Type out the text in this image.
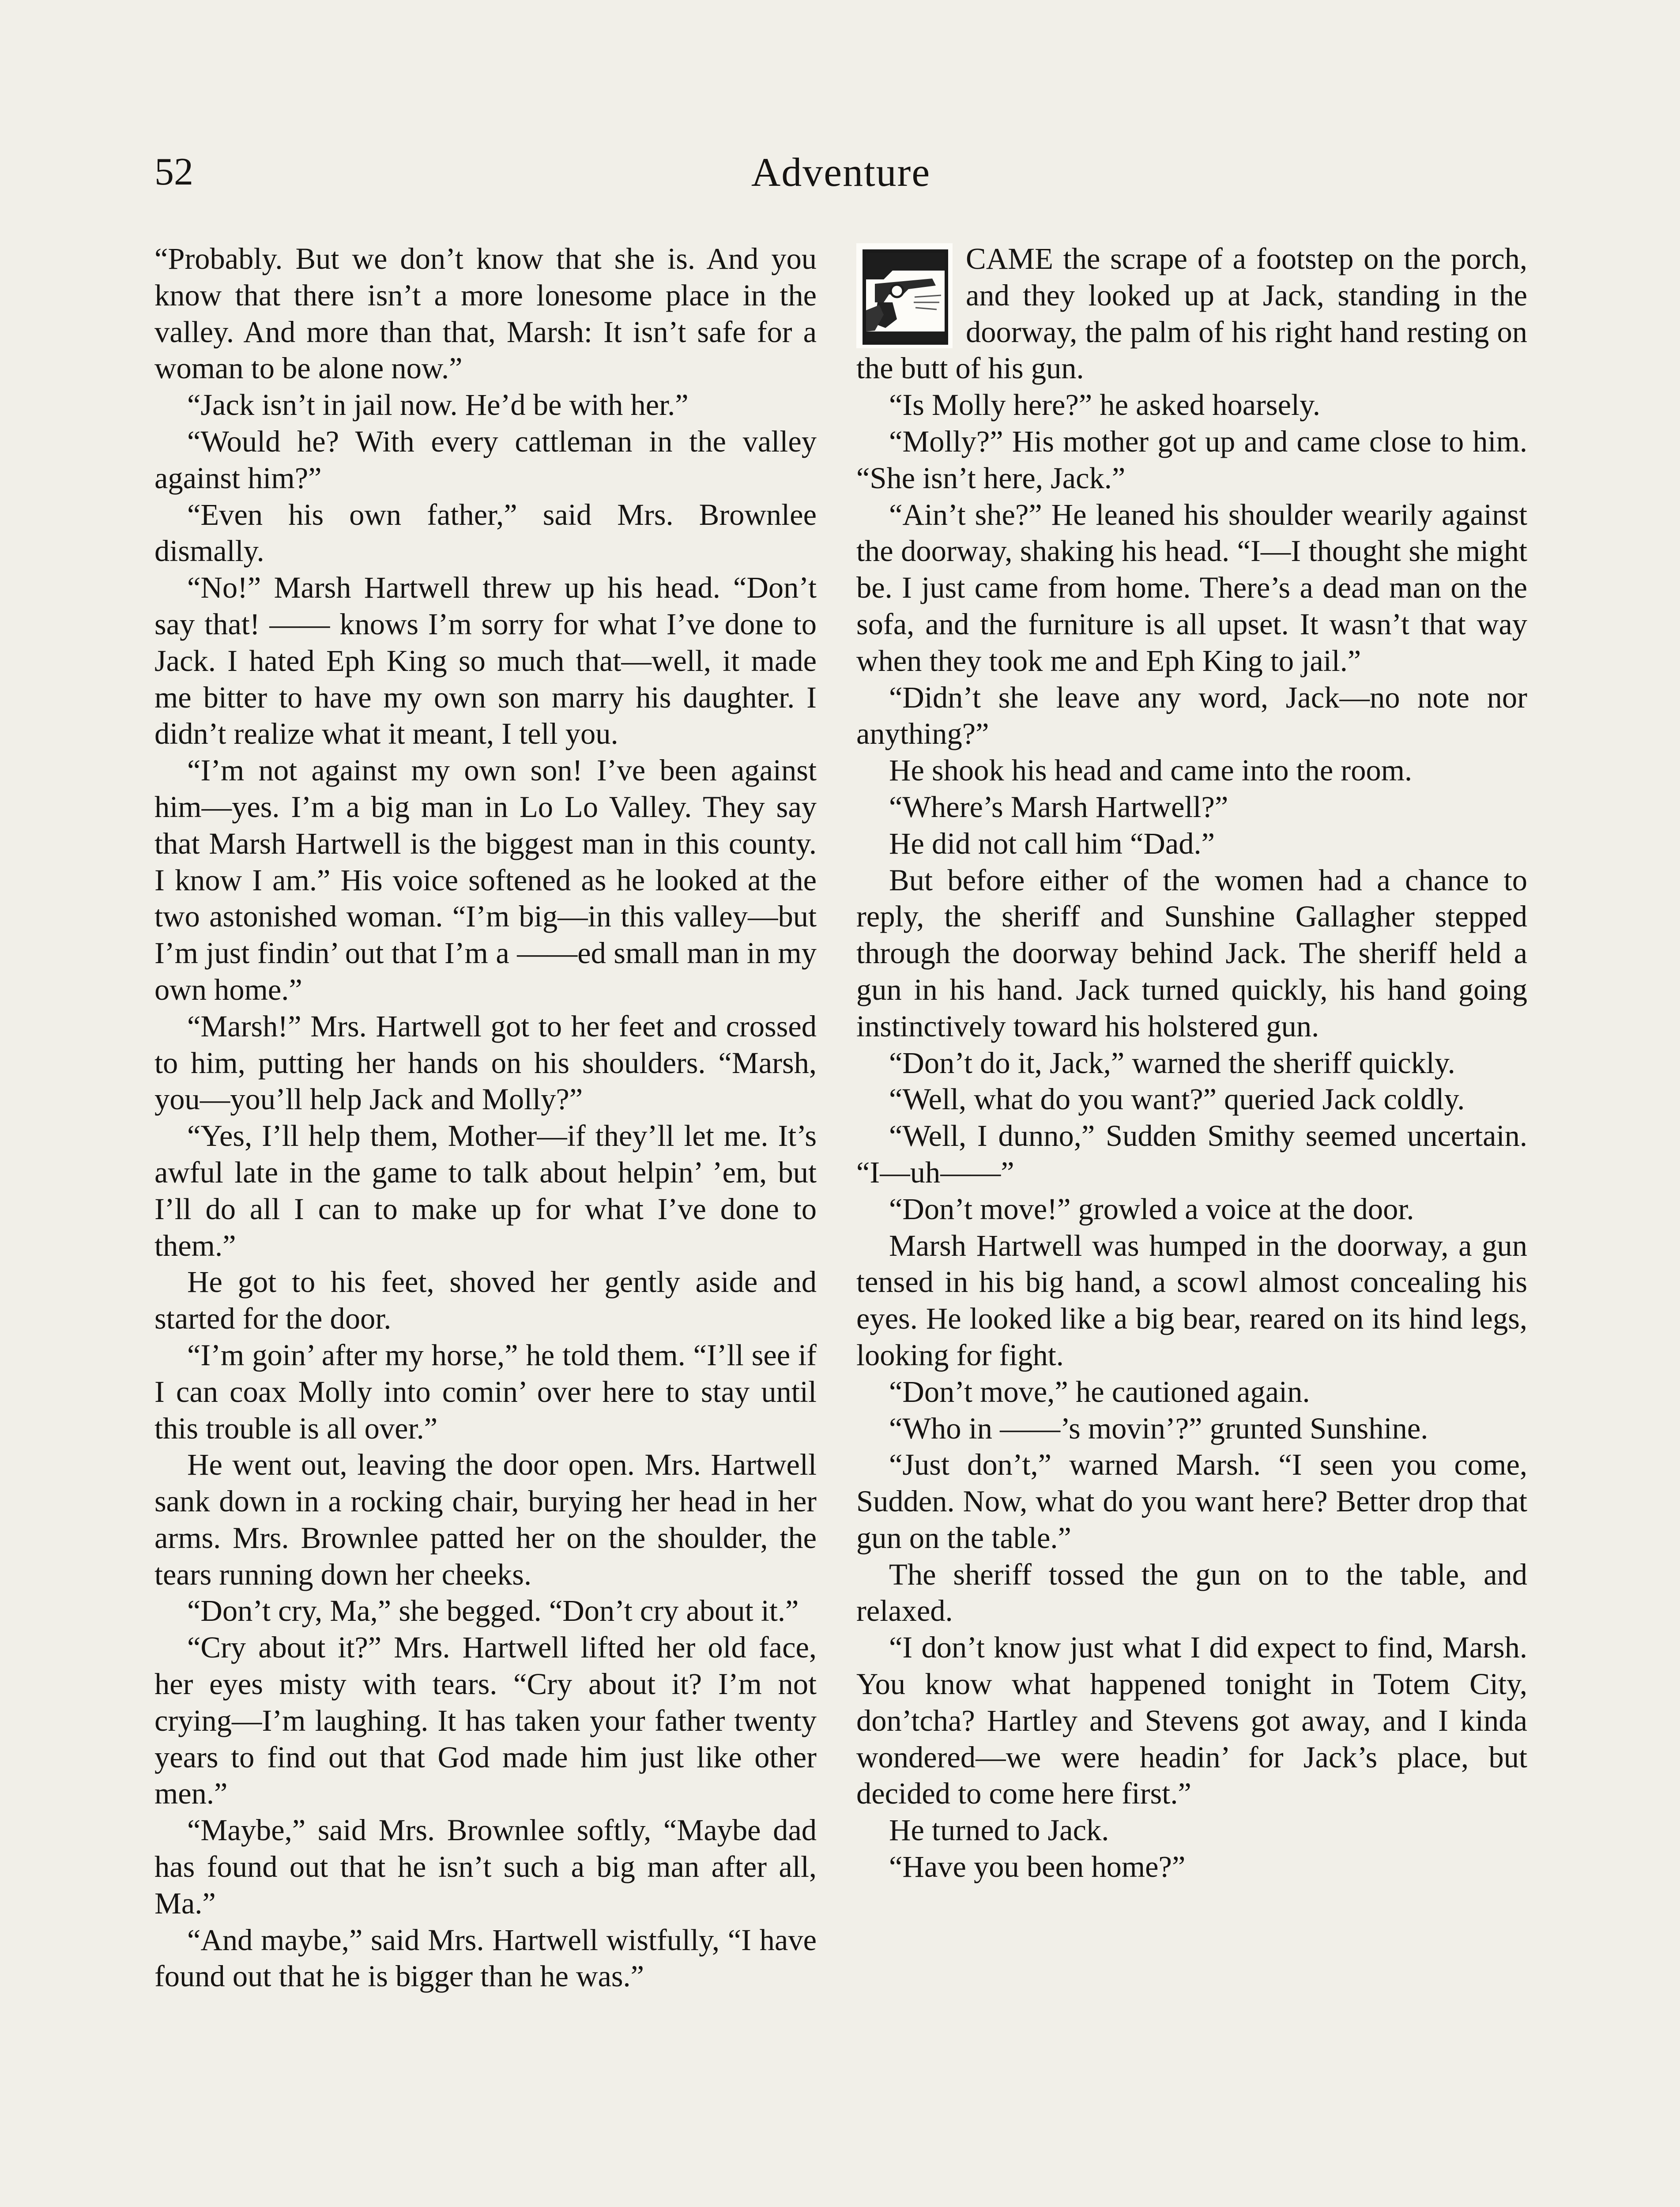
52	Adventure

“Probably. But we don’t know that she is. And you know that there isn’t a more lonesome place in the valley. And more than that, Marsh: It isn’t safe for a woman to be alone now.”

“Jack isn’t in jail now. He’d be with her.”

“Would he? With every cattleman in the valley against him?”

“Even his own father,” said Mrs. Brownlee dismally.

“No!” Marsh Hartwell threw up his head. “Don’t say that! —— knows I’m sorry for what I’ve done to Jack. I hated Eph King so much that—well, it made me bitter to have my own son marry his daughter. I didn’t realize what it meant, I tell you.

“I’m not against my own son! I’ve been against him—yes. I’m a big man in Lo Lo Valley. They say that Marsh Hartwell is the biggest man in this county. I know I am.” His voice softened as he looked at the two astonished woman. “I’m big—in this valley—but I’m just findin’ out that I’m a ——ed small man in my own home.”

“Marsh!” Mrs. Hartwell got to her feet and crossed to him, putting her hands on his shoulders. “Marsh, you—you’ll help Jack and Molly?”

“Yes, I’ll help them, Mother—if they’ll let me. It’s awful late in the game to talk about helpin’ ’em, but I’ll do all I can to make up for what I’ve done to them.”

He got to his feet, shoved her gently aside and started for the door.

“I’m goin’ after my horse,” he told them. “I’ll see if I can coax Molly into comin’ over here to stay until this trouble is all over.”

He went out, leaving the door open. Mrs. Hartwell sank down in a rocking chair, burying her head in her arms. Mrs. Brownlee patted her on the shoulder, the tears running down her cheeks.

“Don’t cry, Ma,” she begged. “Don’t cry about it.”

“Cry about it?” Mrs. Hartwell lifted her old face, her eyes misty with tears. “Cry about it? I’m not crying—I’m laughing. It has taken your father twenty years to find out that God made him just like other men.”

“Maybe,” said Mrs. Brownlee softly, “Maybe dad has found out that he isn’t such a big man after all, Ma.”

“And maybe,” said Mrs. Hartwell wistfully, “I have found out that he is bigger than he was.”

CAME the scrape of a footstep on the porch, and they looked up at Jack, standing in the doorway, the palm of his right hand resting on the butt of his gun.

“Is Molly here?” he asked hoarsely.

“Molly?” His mother got up and came close to him. “She isn’t here, Jack.”

“Ain’t she?” He leaned his shoulder wearily against the doorway, shaking his head. “I—I thought she might be. I just came from home. There’s a dead man on the sofa, and the furniture is all upset. It wasn’t that way when they took me and Eph King to jail.”

“Didn’t she leave any word, Jack—no note nor anything?”

He shook his head and came into the room.

“Where’s Marsh Hartwell?”

He did not call him “Dad.”

But before either of the women had a chance to reply, the sheriff and Sunshine Gallagher stepped through the doorway behind Jack. The sheriff held a gun in his hand. Jack turned quickly, his hand going instinctively toward his holstered gun.

“Don’t do it, Jack,” warned the sheriff quickly.

“Well, what do you want?” queried Jack coldly.

“Well, I dunno,” Sudden Smithy seemed uncertain. “I—uh——”

“Don’t move!” growled a voice at the door.

Marsh Hartwell was humped in the doorway, a gun tensed in his big hand, a scowl almost concealing his eyes. He looked like a big bear, reared on its hind legs, looking for fight.

“Don’t move,” he cautioned again.

“Who in ——’s movin’?” grunted Sunshine.

“Just don’t,” warned Marsh. “I seen you come, Sudden. Now, what do you want here? Better drop that gun on the table.”

The sheriff tossed the gun on to the table, and relaxed.

“I don’t know just what I did expect to find, Marsh. You know what happened tonight in Totem City, don’tcha? Hartley and Stevens got away, and I kinda wondered—we were headin’ for Jack’s place, but decided to come here first.”

He turned to Jack.

“Have you been home?”
